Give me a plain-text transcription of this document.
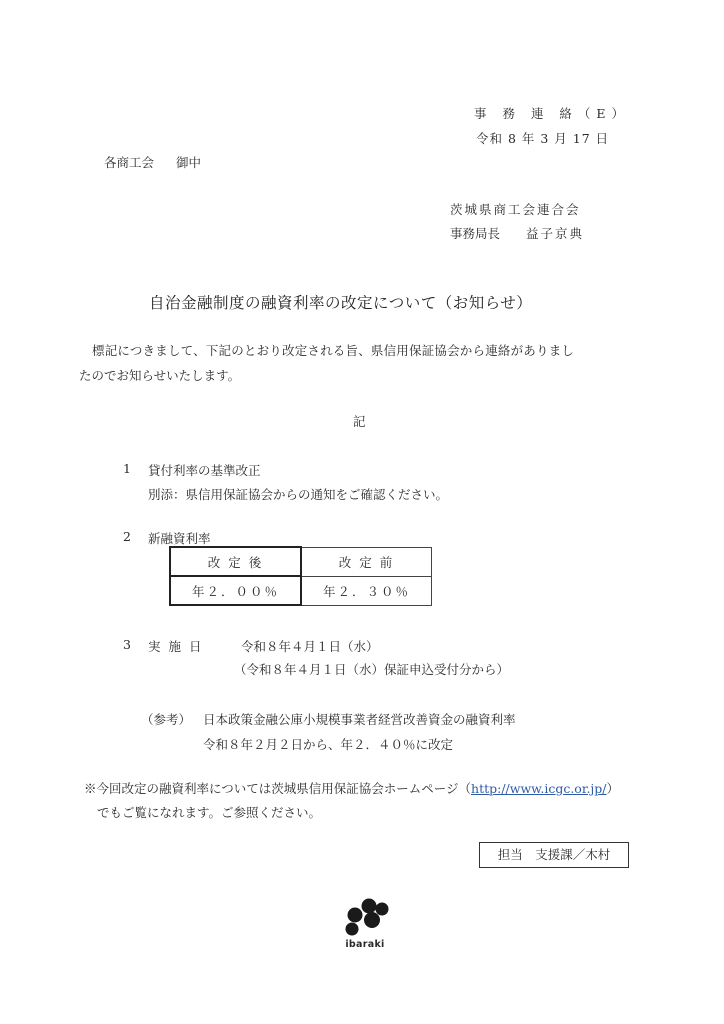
事 務 連 絡（E）
令和 8 年 3 月 17 日
各商工会 御中
茨城県商工会連合会
事務局長 益子京典
自治金融制度の融資利率の改定について（お知らせ）
標記につきまして、下記のとおり改定される旨、県信用保証協会から連絡がありまし
たのでお知らせいたします。
記
1 貸付利率の基準改正
別添：県信用保証協会からの通知をご確認ください。
2 新融資利率
改 定 後	改 定 前
年２．００％	年２．３０％
3 実 施 日	令和８年４月１日（水）
（令和８年４月１日（水）保証申込受付分から）
（参考） 日本政策金融公庫小規模事業者経営改善資金の融資利率
令和８年２月２日から、年２．４０％に改定
※今回改定の融資利率については茨城県信用保証協会ホームページ（http://www.icgc.or.jp/）
でもご覧になれます。ご参照ください。
担当　支援課／木村
ibaraki
